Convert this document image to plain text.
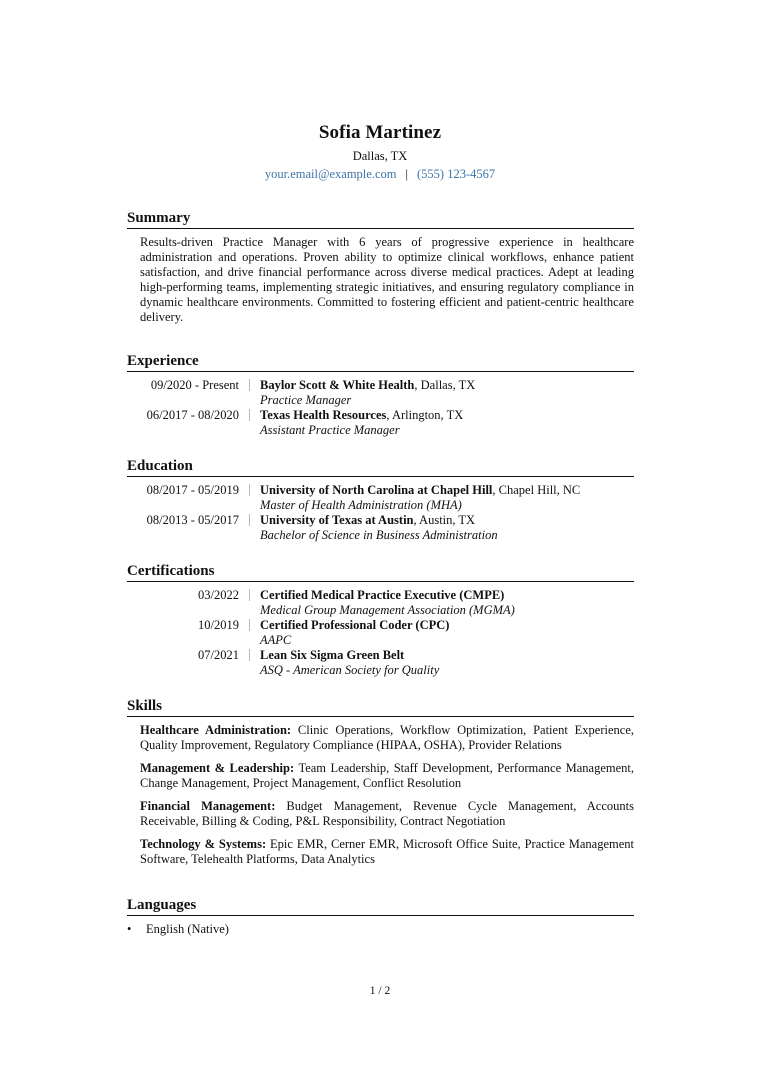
Sofia Martinez
Dallas, TX
your.email@example.com | (555) 123-4567
Summary
Results-driven Practice Manager with 6 years of progressive experience in healthcare administration and operations. Proven ability to optimize clinical workflows, enhance patient satisfaction, and drive financial performance across diverse medical practices. Adept at leading high-performing teams, implementing strategic initiatives, and ensuring regulatory compliance in dynamic healthcare environments. Committed to fostering efficient and patient-centric healthcare delivery.
Experience
09/2020 - Present	Baylor Scott & White Health, Dallas, TX
Practice Manager
06/2017 - 08/2020	Texas Health Resources, Arlington, TX
Assistant Practice Manager
Education
08/2017 - 05/2019	University of North Carolina at Chapel Hill, Chapel Hill, NC
Master of Health Administration (MHA)
08/2013 - 05/2017	University of Texas at Austin, Austin, TX
Bachelor of Science in Business Administration
Certifications
03/2022	Certified Medical Practice Executive (CMPE)
Medical Group Management Association (MGMA)
10/2019	Certified Professional Coder (CPC)
AAPC
07/2021	Lean Six Sigma Green Belt
ASQ - American Society for Quality
Skills
Healthcare Administration: Clinic Operations, Workflow Optimization, Patient Experience, Quality Improvement, Regulatory Compliance (HIPAA, OSHA), Provider Relations
Management & Leadership: Team Leadership, Staff Development, Performance Management, Change Management, Project Management, Conflict Resolution
Financial Management: Budget Management, Revenue Cycle Management, Accounts Receivable, Billing & Coding, P&L Responsibility, Contract Negotiation
Technology & Systems: Epic EMR, Cerner EMR, Microsoft Office Suite, Practice Management Software, Telehealth Platforms, Data Analytics
Languages
•	English (Native)
1 / 2
